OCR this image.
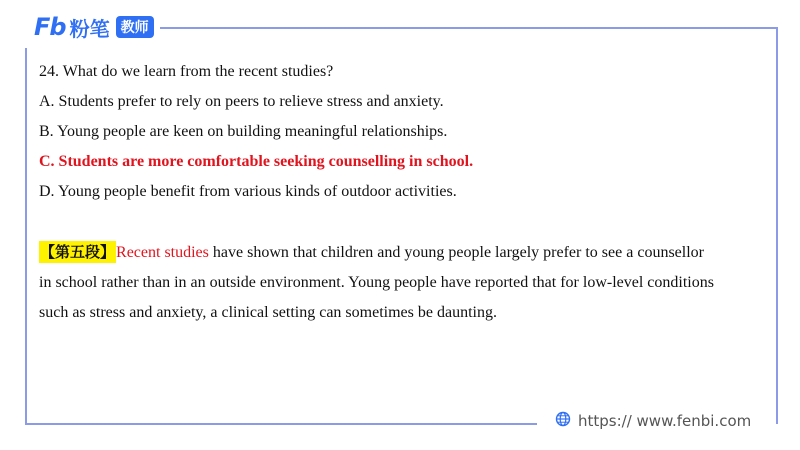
Fb 粉笔 教师
24. What do we learn from the recent studies?
A. Students prefer to rely on peers to relieve stress and anxiety.
B. Young people are keen on building meaningful relationships.
C. Students are more comfortable seeking counselling in school.
D. Young people benefit from various kinds of outdoor activities.

【第五段】Recent studies have shown that children and young people largely prefer to see a counsellor

in school rather than in an outside environment. Young people have reported that for low-level conditions

such as stress and anxiety, a clinical setting can sometimes be daunting.

https:// www.fenbi.com
